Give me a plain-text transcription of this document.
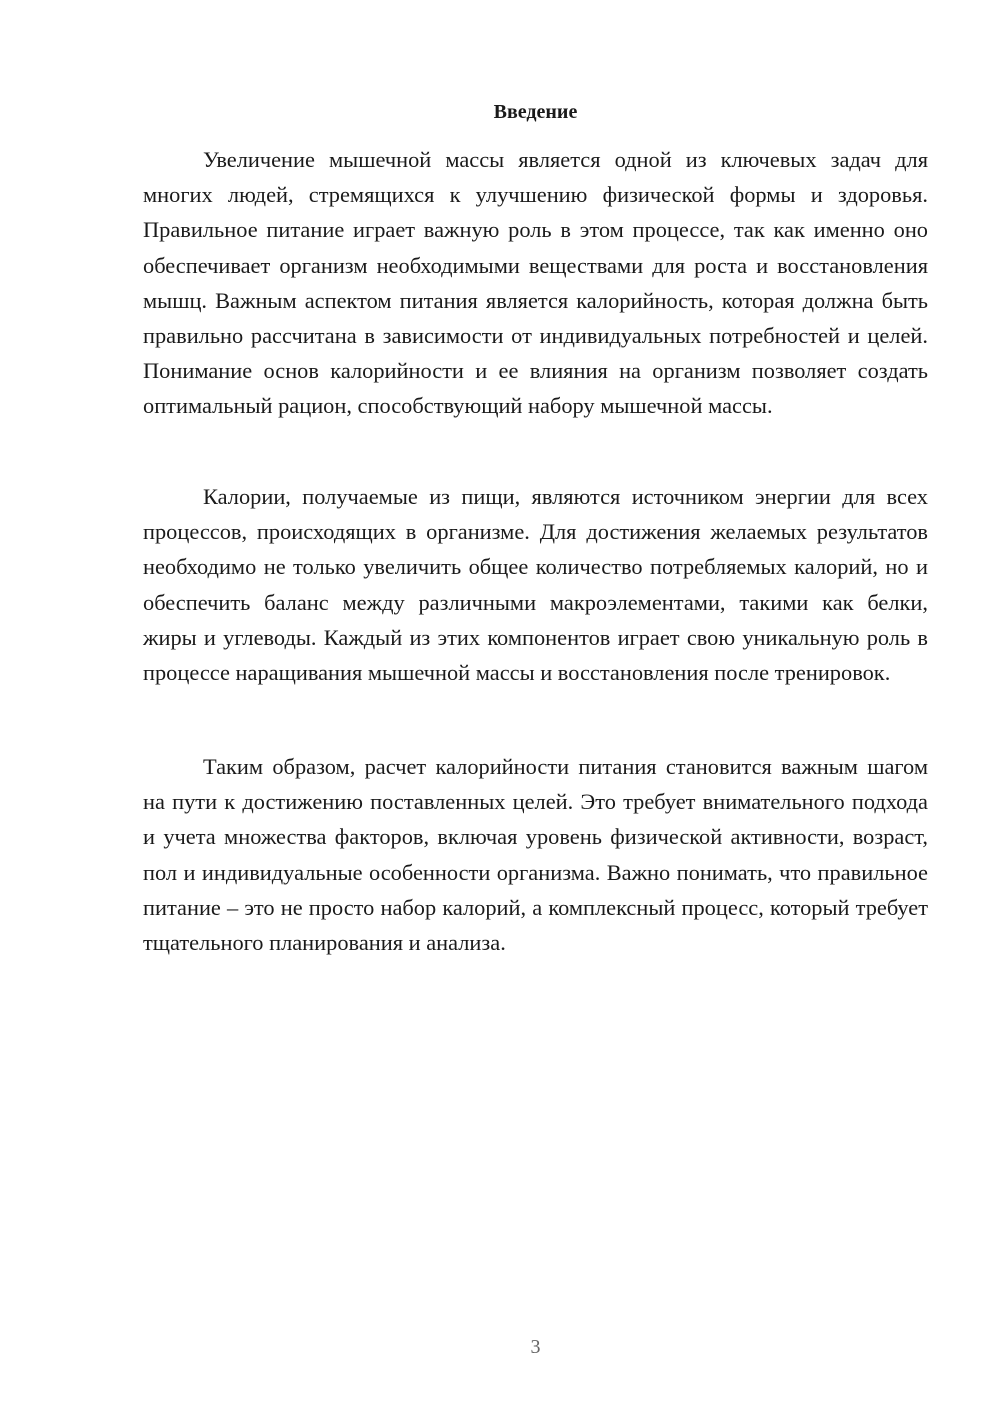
Введение

Увеличение мышечной массы является одной из ключевых задач для многих людей, стремящихся к улучшению физической формы и здоровья. Правильное питание играет важную роль в этом процессе, так как именно оно обеспечивает организм необходимыми веществами для роста и восстановления мышц. Важным аспектом питания является калорийность, которая должна быть правильно рассчитана в зависимости от индивидуальных потребностей и целей. Понимание основ калорийности и ее влияния на организм позволяет создать оптимальный рацион, способствующий набору мышечной массы.

Калории, получаемые из пищи, являются источником энергии для всех процессов, происходящих в организме. Для достижения желаемых результатов необходимо не только увеличить общее количество потребляемых калорий, но и обеспечить баланс между различными макроэлементами, такими как белки, жиры и углеводы. Каждый из этих компонентов играет свою уникальную роль в процессе наращивания мышечной массы и восстановления после тренировок.

Таким образом, расчет калорийности питания становится важным шагом на пути к достижению поставленных целей. Это требует внимательного подхода и учета множества факторов, включая уровень физической активности, возраст, пол и индивидуальные особенности организма. Важно понимать, что правильное питание – это не просто набор калорий, а комплексный процесс, который требует тщательного планирования и анализа.

3
